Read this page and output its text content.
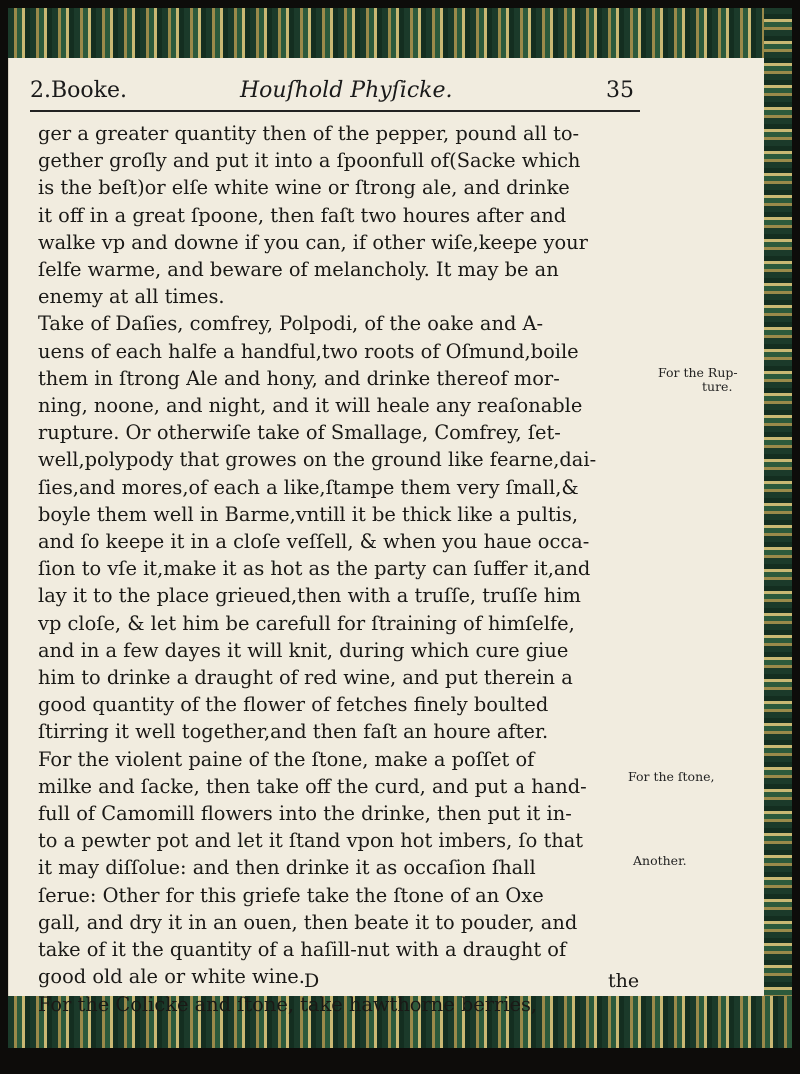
2.Booke.	Houſhold Phyſicke.	35

ger a greater quantity then of the pepper, pound all to-

gether groſly and put it into a ſpoonfull of(Sacke which

is the beſt)or elſe white wine or ſtrong ale, and drinke

it off in a great ſpoone, then faſt two houres after and

walke vp and downe if you can, if other wiſe,keepe your

ſelfe warme, and beware of melancholy. It may be an

enemy at all times.

Take of Daſies, comfrey, Polpodi, of the oake and A-

uens of each halfe a handful,two roots of Oſmund,boile

them in ſtrong Ale and hony, and drinke thereof mor-

ning, noone, and night, and it will heale any reaſonable

rupture. Or otherwiſe take of Smallage, Comfrey, ſet-

well,polypody that growes on the ground like fearne,dai-

ſies,and mores,of each a like,ſtampe them very ſmall,&

boyle them well in Barme,vntill it be thick like a pultis,

and ſo keepe it in a cloſe veſſell, & when you haue occa-

ſion to vſe it,make it as hot as the party can ſuffer it,and

lay it to the place grieued,then with a truſſe, truſſe him

vp cloſe, & let him be carefull for ſtraining of himſelfe,

and in a few dayes it will knit, during which cure giue

him to drinke a draught of red wine, and put therein a

good quantity of the flower of fetches finely boulted

ſtirring it well together,and then faſt an houre after.

For the violent paine of the ſtone, make a poſſet of

milke and ſacke, then take off the curd, and put a hand-

full of Camomill flowers into the drinke, then put it in-

to a pewter pot and let it ſtand vpon hot imbers, ſo that

it may diſſolue: and then drinke it as occaſion ſhall

ſerue: Other for this griefe take the ſtone of an Oxe

gall, and dry it in an ouen, then beate it to pouder, and

take of it the quantity of a haſill-nut with a draught of

good old ale or white wine.

For the Colicke and ſtone, take hawthorne berries,

For the Rup-
ture.
For the ſtone,
Another.
D	the
